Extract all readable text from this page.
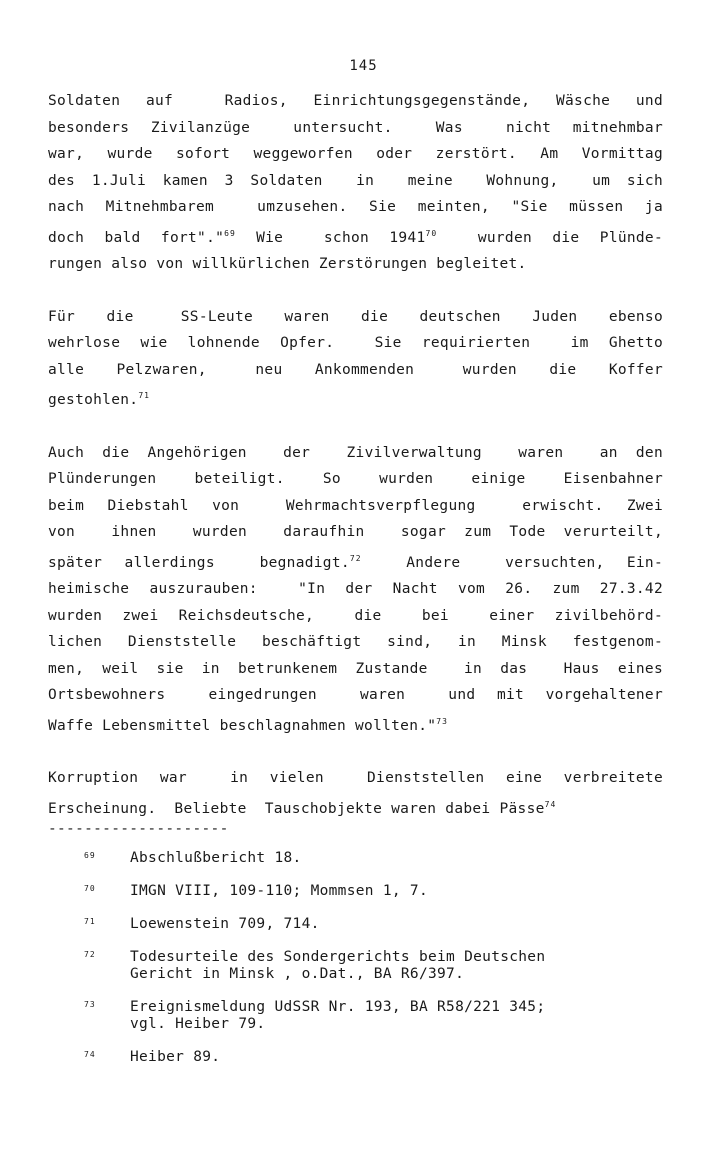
145
Soldaten auf  Radios, Einrichtungsgegenstände, Wäsche und
besonders Zivilanzüge  untersucht.  Was  nicht mitnehmbar
war, wurde sofort weggeworfen oder zerstört. Am Vormittag
des 1.Juli kamen 3 Soldaten  in  meine  Wohnung,  um sich
nach Mitnehmbarem  umzusehen. Sie meinten, "Sie müssen ja
doch bald fort"."$^{69}$ Wie  schon 1941$^{70}$  wurden die Plünde-
rungen also von willkürlichen Zerstörungen begleitet.
Für  die   SS-Leute  waren  die  deutschen  Juden  ebenso
wehrlose wie lohnende Opfer.  Sie requirierten  im Ghetto
alle  Pelzwaren,   neu  Ankommenden   wurden  die  Koffer
gestohlen.$^{71}$
Auch die Angehörigen  der  Zivilverwaltung  waren  an den
Plünderungen  beteiligt.  So  wurden  einige  Eisenbahner
beim Diebstahl von  Wehrmachtsverpflegung  erwischt. Zwei
von  ihnen  wurden  daraufhin  sogar zum Tode verurteilt,
später allerdings  begnadigt.$^{72}$  Andere  versuchten, Ein-
heimische auszurauben:  "In der Nacht vom 26. zum 27.3.42
wurden zwei Reichsdeutsche,  die  bei  einer zivilbehörd-
lichen Dienststelle beschäftigt sind, in Minsk festgenom-
men, weil sie in betrunkenem Zustande  in das  Haus eines
Ortsbewohners  eingedrungen  waren  und mit vorgehaltener
Waffe Lebensmittel beschlagnahmen wollten."$^{73}$
Korruption war  in vielen  Dienststellen eine verbreitete
Erscheinung.  Beliebte  Tauschobjekte waren dabei Pässe$^{74}$
--------------------
69	Abschlußbericht 18.
70	IMGN VIII, 109-110; Mommsen 1, 7.
71	Loewenstein 709, 714.
72	Todesurteile des Sondergerichts beim Deutschen
Gericht in Minsk , o.Dat., BA R6/397.
73	Ereignismeldung UdSSR Nr. 193, BA R58/221 345;
vgl. Heiber 79.
74	Heiber 89.
